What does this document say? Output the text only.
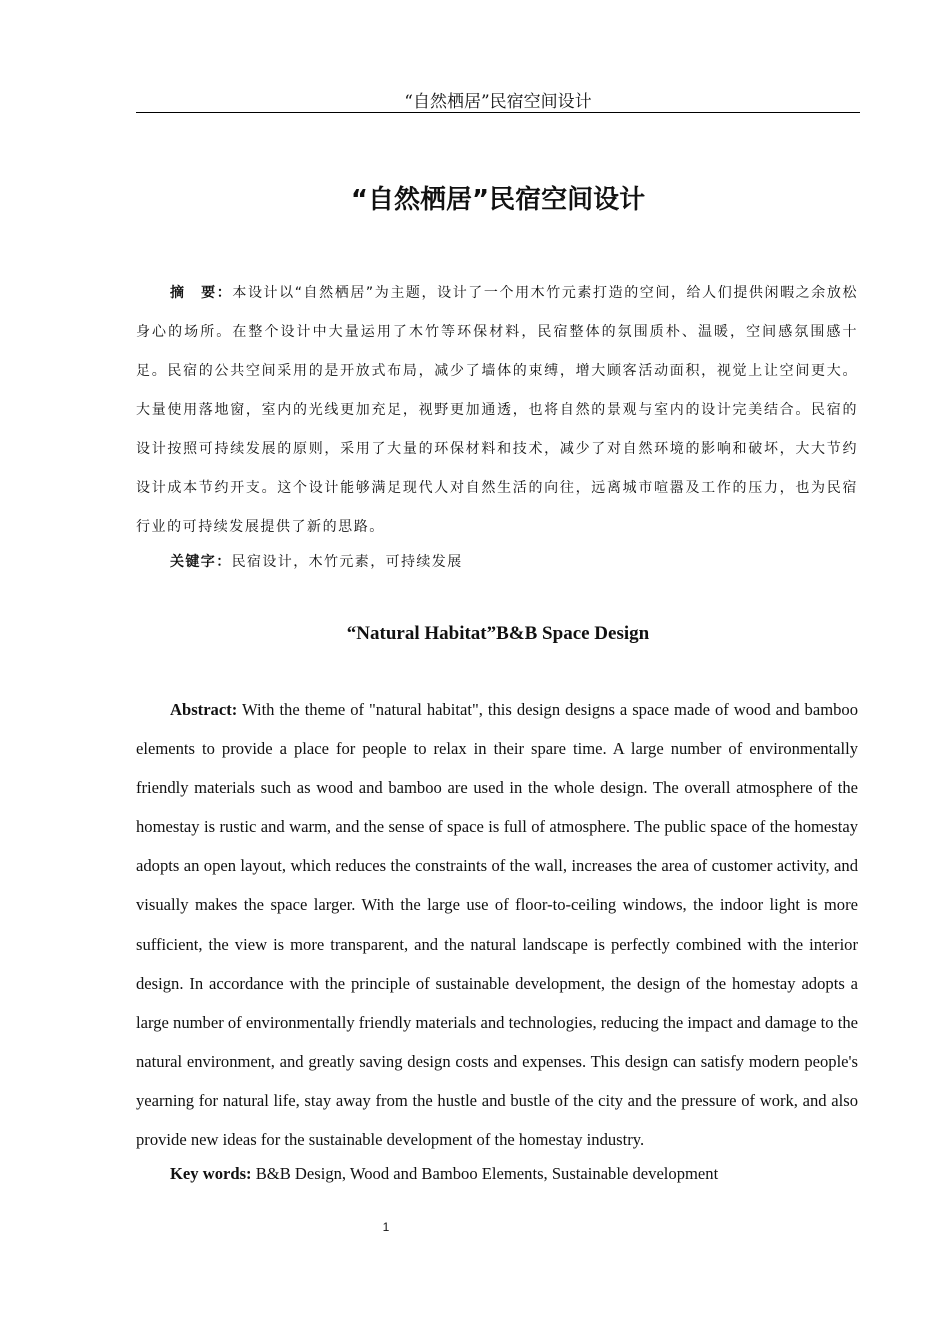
“自然栖居”民宿空间设计
“自然栖居”民宿空间设计

摘　要：本设计以“自然栖居”为主题，设计了一个用木竹元素打造的空间，给人们提供闲暇之余放松身心的场所。在整个设计中大量运用了木竹等环保材料，民宿整体的氛围质朴、温暖，空间感氛围感十足。民宿的公共空间采用的是开放式布局，减少了墙体的束缚，增大顾客活动面积，视觉上让空间更大。大量使用落地窗，室内的光线更加充足，视野更加通透，也将自然的景观与室内的设计完美结合。民宿的设计按照可持续发展的原则，采用了大量的环保材料和技术，减少了对自然环境的影响和破坏，大大节约设计成本节约开支。这个设计能够满足现代人对自然生活的向往，远离城市喧嚣及工作的压力，也为民宿行业的可持续发展提供了新的思路。

关键字：民宿设计，木竹元素，可持续发展

“Natural Habitat”B&B Space Design

Abstract: With the theme of "natural habitat", this design designs a space made of wood and bamboo elements to provide a place for people to relax in their spare time. A large number of environmentally friendly materials such as wood and bamboo are used in the whole design. The overall atmosphere of the homestay is rustic and warm, and the sense of space is full of atmosphere. The public space of the homestay adopts an open layout, which reduces the constraints of the wall, increases the area of customer activity, and visually makes the space larger. With the large use of floor-to-ceiling windows, the indoor light is more sufficient, the view is more transparent, and the natural landscape is perfectly combined with the interior design. In accordance with the principle of sustainable development, the design of the homestay adopts a large number of environmentally friendly materials and technologies, reducing the impact and damage to the natural environment, and greatly saving design costs and expenses. This design can satisfy modern people's yearning for natural life, stay away from the hustle and bustle of the city and the pressure of work, and also provide new ideas for the sustainable development of the homestay industry.

Key words: B&B Design, Wood and Bamboo Elements, Sustainable development

1
